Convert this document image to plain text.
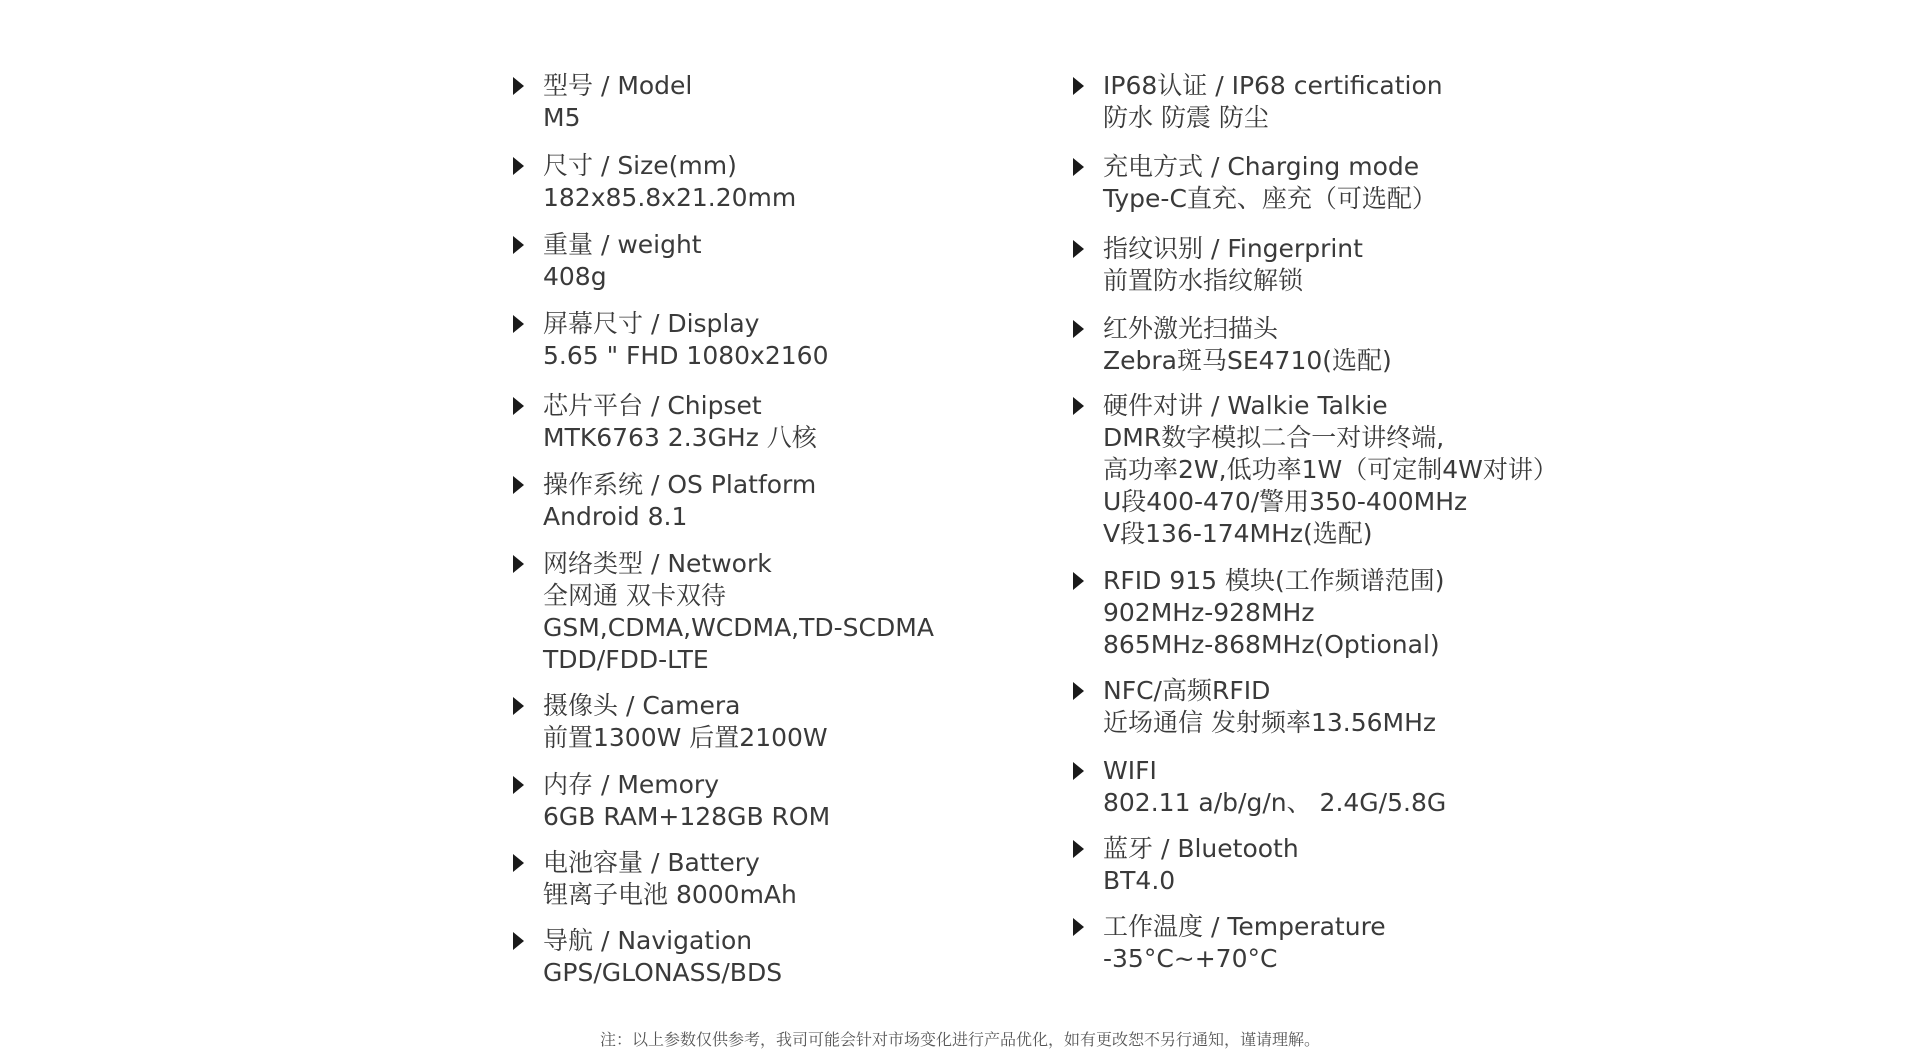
型号 / Model
M5
尺寸 / Size(mm)
182x85.8x21.20mm
重量 / weight
408g
屏幕尺寸 / Display
5.65 " FHD 1080x2160
芯片平台 / Chipset
MTK6763 2.3GHz 八核
操作系统 / OS Platform
Android 8.1
网络类型 / Network
全网通 双卡双待
GSM,CDMA,WCDMA,TD-SCDMA
TDD/FDD-LTE
摄像头 / Camera
前置1300W 后置2100W
内存 / Memory
6GB RAM+128GB ROM
电池容量 / Battery
锂离子电池 8000mAh
导航 / Navigation
GPS/GLONASS/BDS
IP68认证 / IP68 certification
防水 防震 防尘
充电方式 / Charging mode
Type-C直充、座充（可选配）
指纹识别 / Fingerprint
前置防水指纹解锁
红外激光扫描头
Zebra斑马SE4710(选配)
硬件对讲 / Walkie Talkie
DMR数字模拟二合一对讲终端,
高功率2W,低功率1W（可定制4W对讲）
U段400-470/警用350-400MHz
V段136-174MHz(选配)
RFID 915 模块(工作频谱范围)
902MHz-928MHz
865MHz-868MHz(Optional)
NFC/高频RFID
近场通信 发射频率13.56MHz
WIFI
802.11 a/b/g/n、 2.4G/5.8G
蓝牙 / Bluetooth
BT4.0
工作温度 / Temperature
-35°C~+70°C
注：以上参数仅供参考，我司可能会针对市场变化进行产品优化，如有更改恕不另行通知，谨请理解。
